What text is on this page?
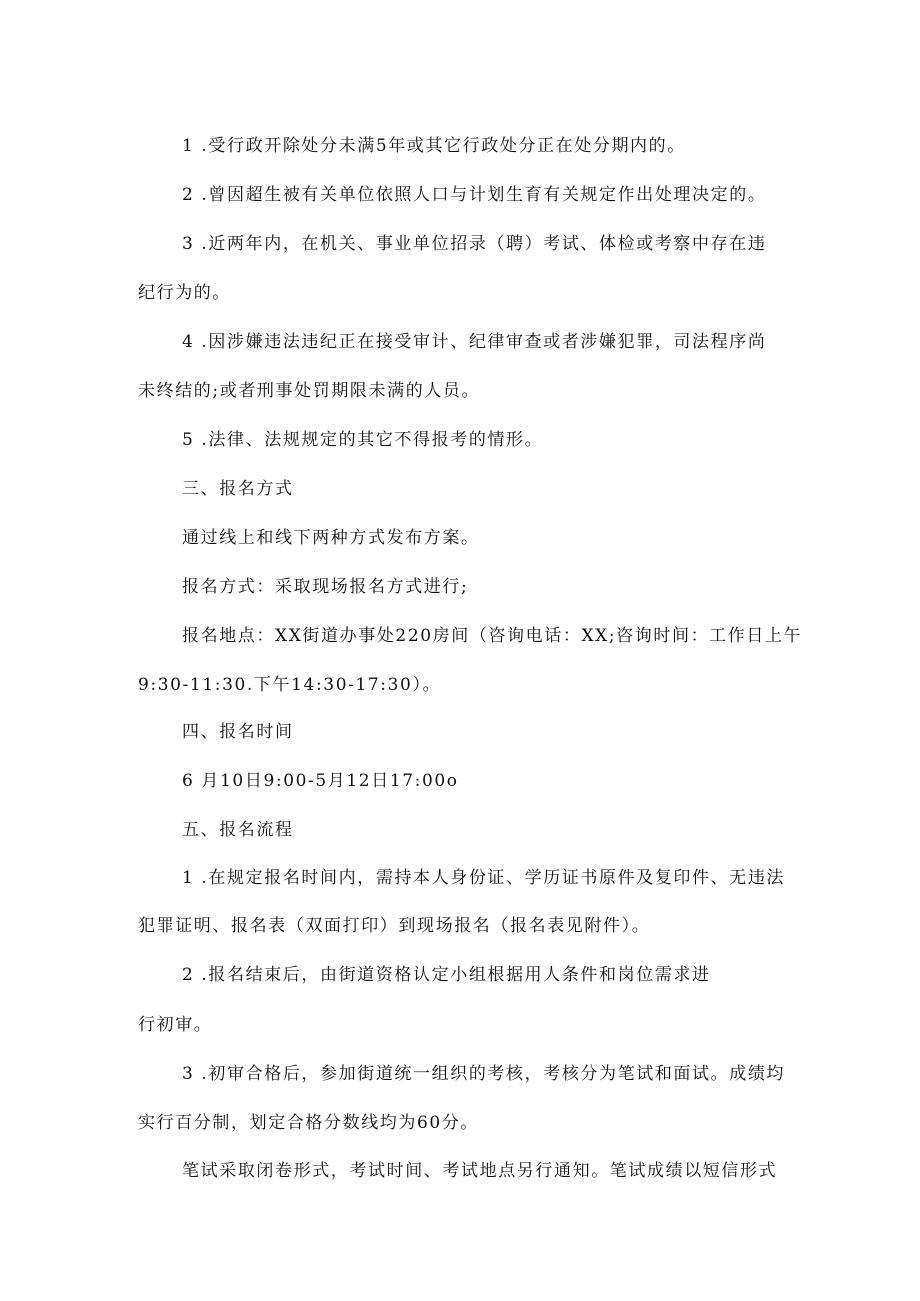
1 .受行政开除处分未满5年或其它行政处分正在处分期内的。

2 .曾因超生被有关单位依照人口与计划生育有关规定作出处理决定的。

3 .近两年内，在机关、事业单位招录（聘）考试、体检或考察中存在违

纪行为的。

4 .因涉嫌违法违纪正在接受审计、纪律审查或者涉嫌犯罪，司法程序尚

未终结的;或者刑事处罚期限未满的人员。

5 .法律、法规规定的其它不得报考的情形。

三、报名方式

通过线上和线下两种方式发布方案。

报名方式：采取现场报名方式进行;

报名地点：XX街道办事处220房间（咨询电话：XX;咨询时间：工作日上午

9:30-11:30.下午14:30-17:30）。

四、报名时间

6 月10日9:00-5月12日17:00o

五、报名流程

1 .在规定报名时间内，需持本人身份证、学历证书原件及复印件、无违法

犯罪证明、报名表（双面打印）到现场报名（报名表见附件）。

2 .报名结束后，由街道资格认定小组根据用人条件和岗位需求进

行初审。

3 .初审合格后，参加街道统一组织的考核，考核分为笔试和面试。成绩均

实行百分制，划定合格分数线均为60分。

笔试采取闭卷形式，考试时间、考试地点另行通知。笔试成绩以短信形式
